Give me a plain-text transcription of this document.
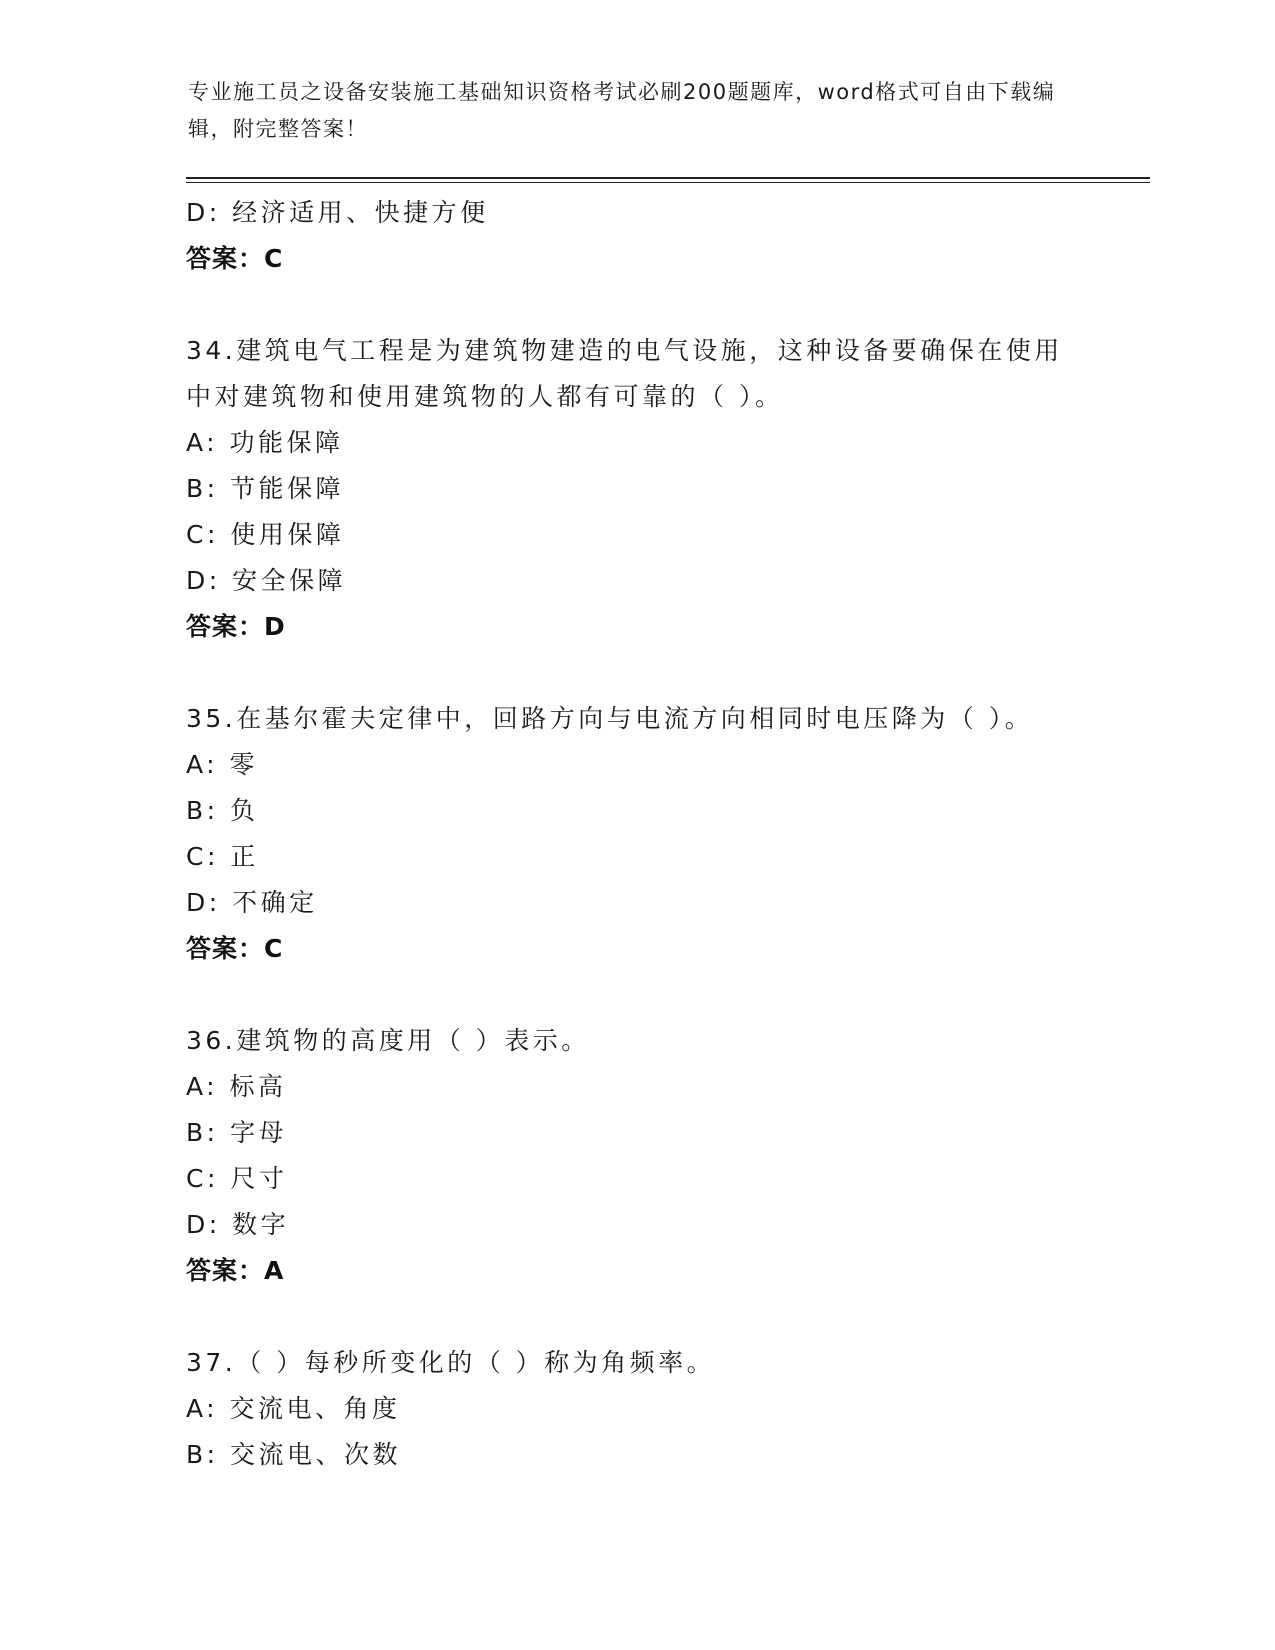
专业施工员之设备安装施工基础知识资格考试必刷200题题库，word格式可自由下载编辑，附完整答案！

D: 经济适用、快捷方便
答案：C
34.建筑电气工程是为建筑物建造的电气设施，这种设备要确保在使用中对建筑物和使用建筑物的人都有可靠的（ ）。
A: 功能保障
B: 节能保障
C: 使用保障
D: 安全保障
答案：D
35.在基尔霍夫定律中，回路方向与电流方向相同时电压降为（ ）。
A: 零
B: 负
C: 正
D: 不确定
答案：C
36.建筑物的高度用（ ）表示。
A: 标高
B: 字母
C: 尺寸
D: 数字
答案：A
37.（ ）每秒所变化的（ ）称为角频率。
A: 交流电、角度
B: 交流电、次数
